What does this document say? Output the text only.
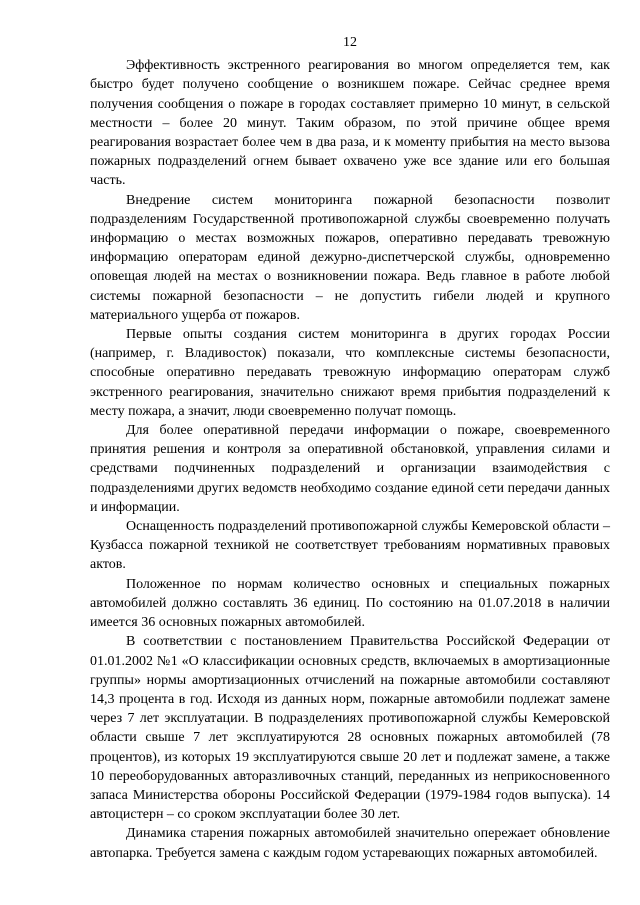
12

Эффективность экстренного реагирования во многом определяется тем, как быстро будет получено сообщение о возникшем пожаре. Сейчас среднее время получения сообщения о пожаре в городах составляет примерно 10 минут, в сельской местности – более 20 минут. Таким образом, по этой причине общее время реагирования возрастает более чем в два раза, и к моменту прибытия на место вызова пожарных подразделений огнем бывает охвачено уже все здание или его большая часть.

Внедрение систем мониторинга пожарной безопасности позволит подразделениям Государственной противопожарной службы своевременно получать информацию о местах возможных пожаров, оперативно передавать тревожную информацию операторам единой дежурно-диспетчерской службы, одновременно оповещая людей на местах о возникновении пожара. Ведь главное в работе любой системы пожарной безопасности – не допустить гибели людей и крупного материального ущерба от пожаров.

Первые опыты создания систем мониторинга в других городах России (например, г. Владивосток) показали, что комплексные системы безопасности, способные оперативно передавать тревожную информацию операторам служб экстренного реагирования, значительно снижают время прибытия подразделений к месту пожара, а значит, люди своевременно получат помощь.

Для более оперативной передачи информации о пожаре, своевременного принятия решения и контроля за оперативной обстановкой, управления силами и средствами подчиненных подразделений и организации взаимодействия с подразделениями других ведомств необходимо создание единой сети передачи данных и информации.

Оснащенность подразделений противопожарной службы Кемеровской области – Кузбасса пожарной техникой не соответствует требованиям нормативных правовых актов.

Положенное по нормам количество основных и специальных пожарных автомобилей должно составлять 36 единиц. По состоянию на 01.07.2018 в наличии имеется 36 основных пожарных автомобилей.

В соответствии с постановлением Правительства Российской Федерации от 01.01.2002 №1 «О классификации основных средств, включаемых в амортизационные группы» нормы амортизационных отчислений на пожарные автомобили составляют 14,3 процента в год. Исходя из данных норм, пожарные автомобили подлежат замене через 7 лет эксплуатации. В подразделениях противопожарной службы Кемеровской области свыше 7 лет эксплуатируются 28 основных пожарных автомобилей (78 процентов), из которых 19 эксплуатируются свыше 20 лет и подлежат замене, а также 10 переоборудованных авторазливочных станций, переданных из неприкосновенного запаса Министерства обороны Российской Федерации (1979-1984 годов выпуска). 14 автоцистерн – со сроком эксплуатации более 30 лет.

Динамика старения пожарных автомобилей значительно опережает обновление автопарка. Требуется замена с каждым годом устаревающих пожарных автомобилей.
